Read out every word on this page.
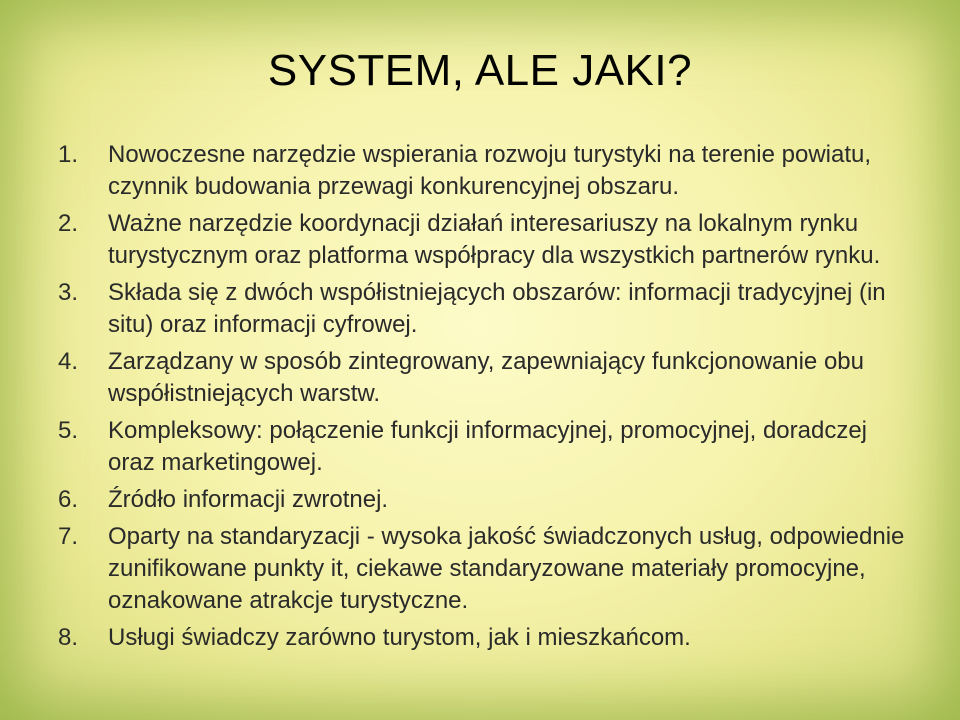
SYSTEM, ALE JAKI?
1.	Nowoczesne narzędzie wspierania rozwoju turystyki na terenie powiatu, czynnik budowania przewagi konkurencyjnej obszaru.
2.	Ważne narzędzie koordynacji działań interesariuszy na lokalnym rynku turystycznym oraz platforma współpracy dla wszystkich partnerów rynku.
3.	Składa się z dwóch współistniejących obszarów: informacji tradycyjnej (in situ) oraz informacji cyfrowej.
4.	Zarządzany w sposób zintegrowany, zapewniający funkcjonowanie obu współistniejących warstw.
5.	Kompleksowy: połączenie funkcji informacyjnej, promocyjnej, doradczej oraz marketingowej.
6.	Źródło informacji zwrotnej.
7.	Oparty na standaryzacji - wysoka jakość świadczonych usług, odpowiednie zunifikowane punkty it, ciekawe standaryzowane materiały promocyjne, oznakowane atrakcje turystyczne.
8.	Usługi świadczy zarówno turystom, jak i mieszkańcom.
